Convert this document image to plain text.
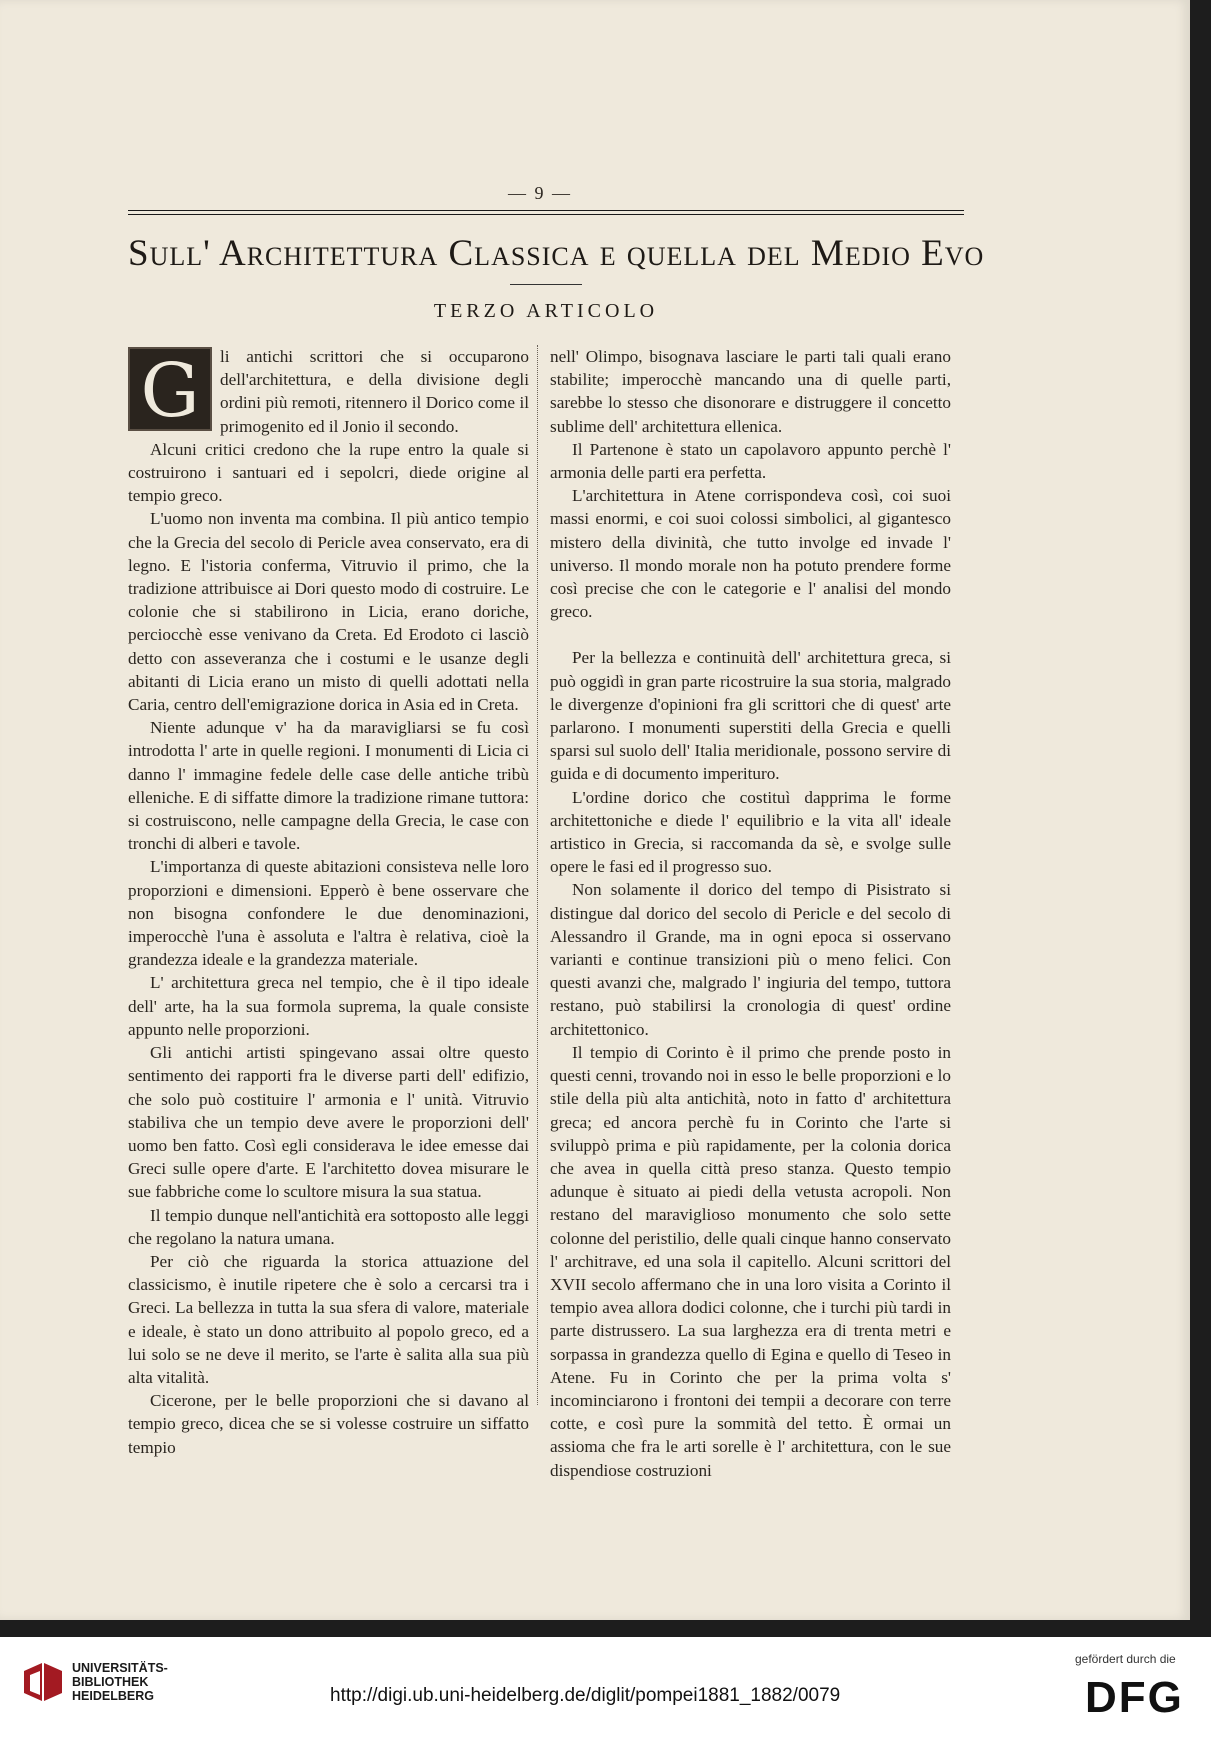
— 9 —
Sull' Architettura Classica e quella del Medio Evo
TERZO ARTICOLO

G	li antichi scrittori che si occuparono dell'architettura, e della divisione degli ordini più remoti, ritennero il Dorico come il primogenito ed il Jonio il secondo.

Alcuni critici credono che la rupe entro la quale si costruirono i santuari ed i sepolcri, diede origine al tempio greco.

L'uomo non inventa ma combina. Il più antico tempio che la Grecia del secolo di Pericle avea conservato, era di legno. E l'istoria conferma, Vitruvio il primo, che la tradizione attribuisce ai Dori questo modo di costruire. Le colonie che si stabilirono in Licia, erano doriche, perciocchè esse venivano da Creta. Ed Erodoto ci lasciò detto con asseveranza che i costumi e le usanze degli abitanti di Licia erano un misto di quelli adottati nella Caria, centro dell'emigrazione dorica in Asia ed in Creta.

Niente adunque v' ha da maravigliarsi se fu così introdotta l' arte in quelle regioni. I monumenti di Licia ci danno l' immagine fedele delle case delle antiche tribù elleniche. E di siffatte dimore la tradizione rimane tuttora: si costruiscono, nelle campagne della Grecia, le case con tronchi di alberi e tavole.

L'importanza di queste abitazioni consisteva nelle loro proporzioni e dimensioni. Epperò è bene osservare che non bisogna confondere le due denominazioni, imperocchè l'una è assoluta e l'altra è relativa, cioè la grandezza ideale e la grandezza materiale.

L' architettura greca nel tempio, che è il tipo ideale dell' arte, ha la sua formola suprema, la quale consiste appunto nelle proporzioni.

Gli antichi artisti spingevano assai oltre questo sentimento dei rapporti fra le diverse parti dell' edifizio, che solo può costituire l' armonia e l' unità. Vitruvio stabiliva che un tempio deve avere le proporzioni dell' uomo ben fatto. Così egli considerava le idee emesse dai Greci sulle opere d'arte. E l'architetto dovea misurare le sue fabbriche come lo scultore misura la sua statua.

Il tempio dunque nell'antichità era sottoposto alle leggi che regolano la natura umana.

Per ciò che riguarda la storica attuazione del classicismo, è inutile ripetere che è solo a cercarsi tra i Greci. La bellezza in tutta la sua sfera di valore, materiale e ideale, è stato un dono attribuito al popolo greco, ed a lui solo se ne deve il merito, se l'arte è salita alla sua più alta vitalità.

Cicerone, per le belle proporzioni che si davano al tempio greco, dicea che se si volesse costruire un siffatto tempio

nell' Olimpo, bisognava lasciare le parti tali quali erano stabilite; imperocchè mancando una di quelle parti, sarebbe lo stesso che disonorare e distruggere il concetto sublime dell' architettura ellenica.

Il Partenone è stato un capolavoro appunto perchè l' armonia delle parti era perfetta.

L'architettura in Atene corrispondeva così, coi suoi massi enormi, e coi suoi colossi simbolici, al gigantesco mistero della divinità, che tutto involge ed invade l' universo. Il mondo morale non ha potuto prendere forme così precise che con le categorie e l' analisi del mondo greco.

Per la bellezza e continuità dell' architettura greca, si può oggidì in gran parte ricostruire la sua storia, malgrado le divergenze d'opinioni fra gli scrittori che di quest' arte parlarono. I monumenti superstiti della Grecia e quelli sparsi sul suolo dell' Italia meridionale, possono servire di guida e di documento imperituro.

L'ordine dorico che costituì dapprima le forme architettoniche e diede l' equilibrio e la vita all' ideale artistico in Grecia, si raccomanda da sè, e svolge sulle opere le fasi ed il progresso suo.

Non solamente il dorico del tempo di Pisistrato si distingue dal dorico del secolo di Pericle e del secolo di Alessandro il Grande, ma in ogni epoca si osservano varianti e continue transizioni più o meno felici. Con questi avanzi che, malgrado l' ingiuria del tempo, tuttora restano, può stabilirsi la cronologia di quest' ordine architettonico.

Il tempio di Corinto è il primo che prende posto in questi cenni, trovando noi in esso le belle proporzioni e lo stile della più alta antichità, noto in fatto d' architettura greca; ed ancora perchè fu in Corinto che l'arte si sviluppò prima e più rapidamente, per la colonia dorica che avea in quella città preso stanza. Questo tempio adunque è situato ai piedi della vetusta acropoli. Non restano del maraviglioso monumento che solo sette colonne del peristilio, delle quali cinque hanno conservato l' architrave, ed una sola il capitello. Alcuni scrittori del XVII secolo affermano che in una loro visita a Corinto il tempio avea allora dodici colonne, che i turchi più tardi in parte distrussero. La sua larghezza era di trenta metri e sorpassa in grandezza quello di Egina e quello di Teseo in Atene. Fu in Corinto che per la prima volta s' incominciarono i frontoni dei tempii a decorare con terre cotte, e così pure la sommità del tetto. È ormai un assioma che fra le arti sorelle è l' architettura, con le sue dispendiose costruzioni

UNIVERSITÄTS-
BIBLIOTHEK
HEIDELBERG	http://digi.ub.uni-heidelberg.de/diglit/pompei1881_1882/0079
gefördert durch die
DFG
